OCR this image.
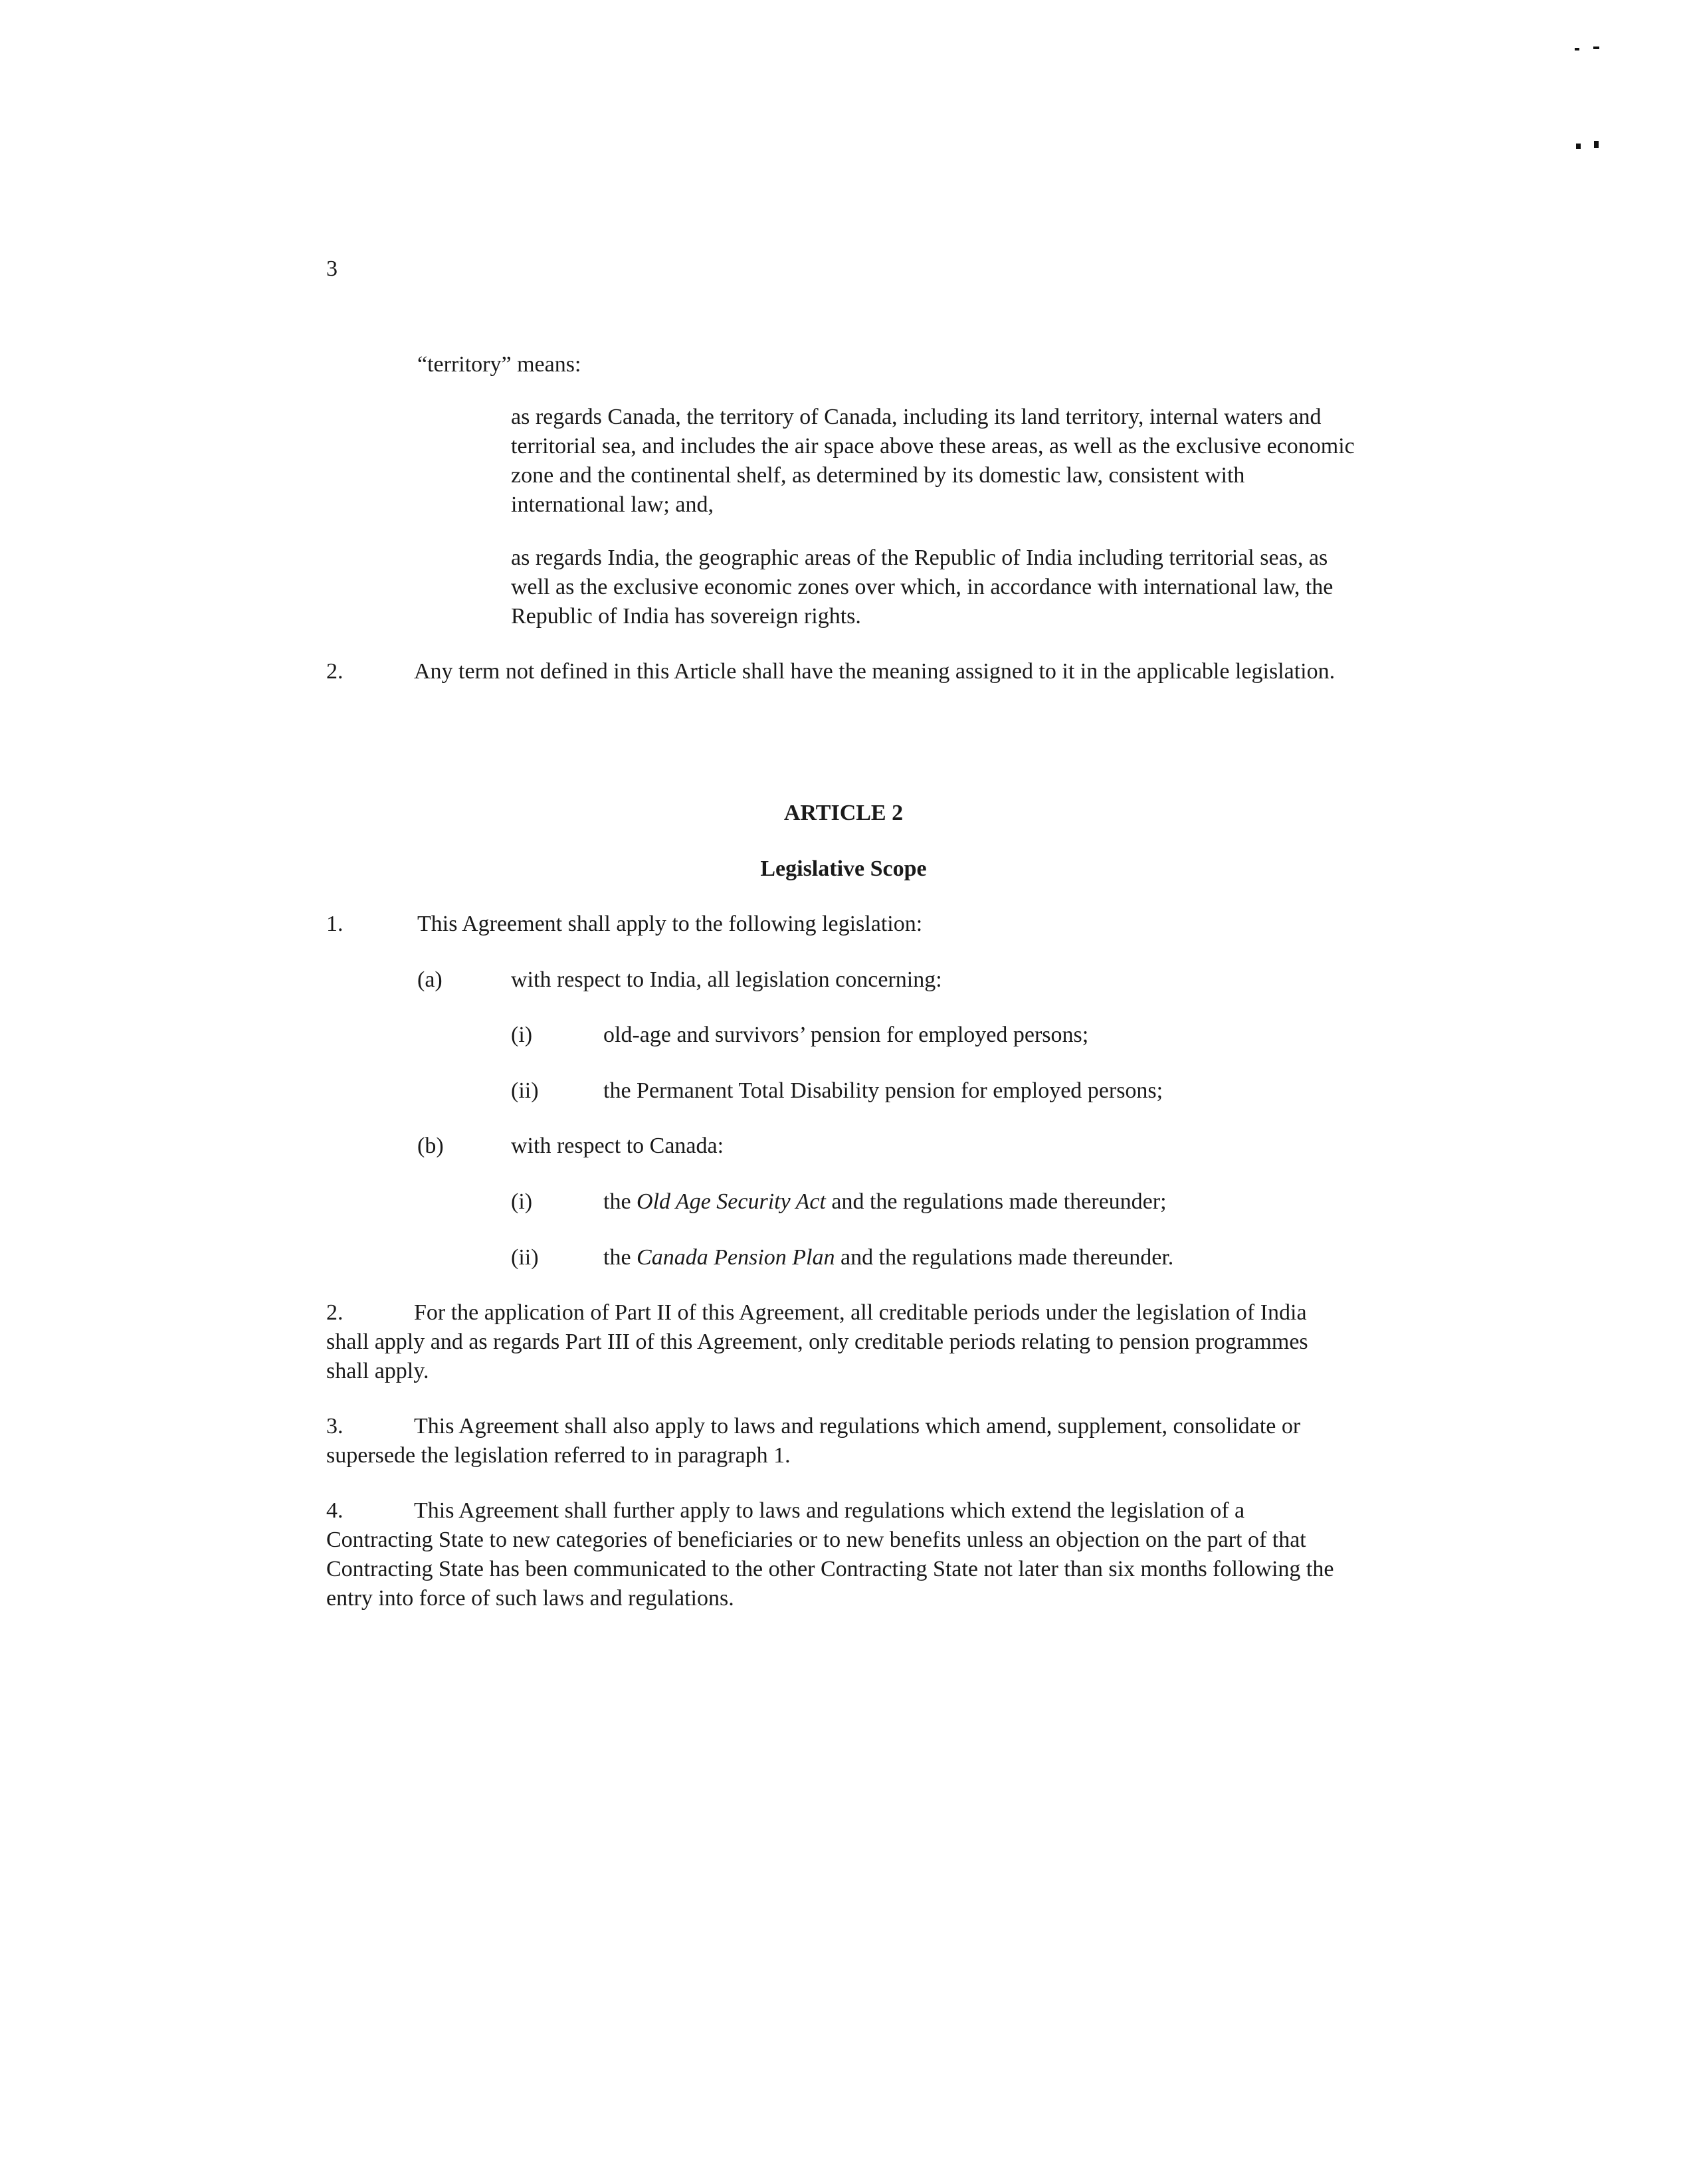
3

“territory” means:

as regards Canada, the territory of Canada, including its land territory, internal waters and territorial sea, and includes the air space above these areas, as well as the exclusive economic zone and the continental shelf, as determined by its domestic law, consistent with international law; and,

as regards India, the geographic areas of the Republic of India including territorial seas, as well as the exclusive economic zones over which, in accordance with international law, the Republic of India has sovereign rights.

2.	Any term not defined in this Article shall have the meaning assigned to it in the applicable legislation.

ARTICLE 2
Legislative Scope
1.	This Agreement shall apply to the following legislation:
(a)	with respect to India, all legislation concerning:
(i)	old-age and survivors’ pension for employed persons;
(ii)	the Permanent Total Disability pension for employed persons;
(b)	with respect to Canada:
(i)	the Old Age Security Act and the regulations made thereunder;
(ii)	the Canada Pension Plan and the regulations made thereunder.

2.	For the application of Part II of this Agreement, all creditable periods under the legislation of India shall apply and as regards Part III of this Agreement, only creditable periods relating to pension programmes shall apply.

3.	This Agreement shall also apply to laws and regulations which amend, supplement, consolidate or supersede the legislation referred to in paragraph 1.

4.	This Agreement shall further apply to laws and regulations which extend the legislation of a Contracting State to new categories of beneficiaries or to new benefits unless an objection on the part of that Contracting State has been communicated to the other Contracting State not later than six months following the entry into force of such laws and regulations.
